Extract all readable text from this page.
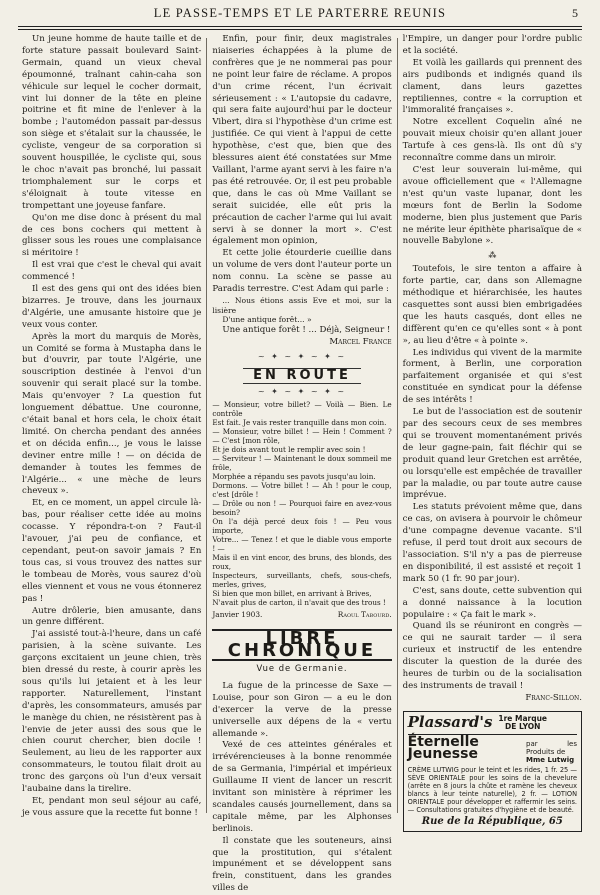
LE PASSE-TEMPS ET LE PARTERRE REUNIS	5

Un jeune homme de haute taille et de forte stature passait boulevard Saint-Germain, quand un vieux cheval époumonné, traînant cahin-caha son véhicule sur lequel le cocher dormait, vint lui donner de la tête en pleine poitrine et fit mine de l'enlever à la bombe ; l'automédon passait par-dessus son siège et s'étalait sur la chaussée, le cycliste, vengeur de sa corporation si souvent houspillée, le cycliste qui, sous le choc n'avait pas bronché, lui passait triomphalement sur le corps et s'éloignait à toute vitesse en trompettant une joyeuse fanfare.

Qu'on me dise donc à présent du mal de ces bons cochers qui mettent à glisser sous les roues une complaisance si méritoire !

Il est vrai que c'est le cheval qui avait commencé !

Il est des gens qui ont des idées bien bizarres. Je trouve, dans les journaux d'Algérie, une amusante histoire que je veux vous conter.

Après la mort du marquis de Morès, un Comité se forma à Mustapha dans le but d'ouvrir, par toute l'Algérie, une souscription destinée à l'envoi d'un souvenir qui serait placé sur la tombe. Mais qu'envoyer ? La question fut longuement débattue. Une couronne, c'était banal et hors cela, le choix était limité. On chercha pendant des années et on décida enfin..., je vous le laisse deviner entre mille ! — on décida de demander à toutes les femmes de l'Algérie... « une mèche de leurs cheveux ».

Et, en ce moment, un appel circule là-bas, pour réaliser cette idée au moins cocasse. Y répondra-t-on ? Faut-il l'avouer, j'ai peu de confiance, et cependant, peut-on savoir jamais ? En tous cas, si vous trouvez des nattes sur le tombeau de Morès, vous saurez d'où elles viennent et vous ne vous étonnerez pas !

Autre drôlerie, bien amusante, dans un genre différent.

J'ai assisté tout-à-l'heure, dans un café parisien, à la scène suivante. Les garçons excitaient un jeune chien, très bien dressé du reste, à courir après les sous qu'ils lui jetaient et à les leur rapporter. Naturellement, l'instant d'après, les consommateurs, amusés par le manège du chien, ne résistèrent pas à l'envie de jeter aussi des sous que le chien courut chercher, bien docile ! Seulement, au lieu de les rapporter aux consommateurs, le toutou filait droit au tronc des garçons où l'un d'eux versait l'aubaine dans la tirelire.

Et, pendant mon seul séjour au café, je vous assure que la recette fut bonne !

Enfin, pour finir, deux magistrales niaiseries échappées à la plume de confrères que je ne nommerai pas pour ne point leur faire de réclame. A propos d'un crime récent, l'un écrivait sérieusement : « L'autopsie du cadavre, qui sera faite aujourd'hui par le docteur Vibert, dira si l'hypothèse d'un crime est justifiée. Ce qui vient à l'appui de cette hypothèse, c'est que, bien que des blessures aient été constatées sur Mme Vaillant, l'arme ayant servi à les faire n'a pas été retrouvée. Or, il est peu probable que, dans le cas où Mme Vaillant se serait suicidée, elle eût pris la précaution de cacher l'arme qui lui avait servi à se donner la mort ». C'est également mon opinion,

Et cette jolie étourderie cueillie dans un volume de vers dont l'auteur porte un nom connu. La scène se passe au Paradis terrestre. C'est Adam qui parle :

... Nous étions assis Eve et moi, sur la lisière

D'une antique forêt... »

Une antique forêt ! ... Déjà, Seigneur !

Marcel France

~ ✦ ~ ✦ ~ ✦ ~
EN ROUTE
~ ✦ ~ ✦ ~ ✦ ~

— Monsieur, votre billet? — Voilà — Bien. Le contrôle

Est fait. Je vais rester tranquille dans mon coin.

— Monsieur, votre billet ! — Hein ! Comment ? — C'est [mon rôle,

Et je dois avant tout le remplir avec soin !

— Serviteur ! — Maintenant le doux sommeil me frôle,

Morphée a répandu ses pavots jusqu'au loin.

Dormons. — Votre billet ! — Ah ! pour le coup, c'est [drôle !

— Drôle ou non ! — Pourquoi faire en avez-vous besoin?

On l'a déjà percé deux fois ! — Peu vous importe,

Votre... — Tenez ! et que le diable vous emporte ! —

Mais il en vint encor, des bruns, des blonds, des roux,

Inspecteurs, surveillants, chefs, sous-chefs, merles, grives,

Si bien que mon billet, en arrivant à Brives,

N'avait plus de carton, il n'avait que des trous !

Janvier 1903.	Raoul Tabourd.
LIBRE CHRONIQUE
Vue de Germanie.

La fugue de la princesse de Saxe — Louise, pour son Giron — a eu le don d'exercer la verve de la presse universelle aux dépens de la « vertu allemande ».

Vexé de ces atteintes générales et irrévérencieuses à la bonne renommée de sa Germania, l'impérial et impérieux Guillaume II vient de lancer un rescrit invitant son ministère à réprimer les scandales causés journellement, dans sa capitale même, par les Alphonses berlinois.

Il constate que les souteneurs, ainsi que la prostitution, qui s'étalent impunément et se développent sans frein, constituent, dans les grandes villes de

l'Empire, un danger pour l'ordre public et la société.

Et voilà les gaillards qui prennent des airs pudibonds et indignés quand ils clament, dans leurs gazettes reptiliennes, contre « la corruption et l'immoralité françaises ».

Notre excellent Coquelin aîné ne pouvait mieux choisir qu'en allant jouer Tartufe à ces gens-là. Ils ont dû s'y reconnaître comme dans un miroir.

C'est leur souverain lui-même, qui avoue officiellement que « l'Allemagne n'est qu'un vaste lupanar, dont les mœurs font de Berlin la Sodome moderne, bien plus justement que Paris ne mérite leur épithète pharisaïque de « nouvelle Babylone ».

⁂

Toutefois, le sire tenton a affaire à forte partie, car, dans son Allemagne méthodique et hiérarchisée, les hautes casquettes sont aussi bien embrigadées que les hauts casqués, dont elles ne diffèrent qu'en ce qu'elles sont « à pont », au lieu d'être « à pointe ».

Les individus qui vivent de la marmite forment, à Berlin, une corporation parfaitement organisée et qui s'est constituée en syndicat pour la défense de ses intérêts !

Le but de l'association est de soutenir par des secours ceux de ses membres qui se trouvent momentanément privés de leur gagne-pain, fait fléchir qui se produit quand leur Gretchen est arrêtée, ou lorsqu'elle est empêchée de travailler par la maladie, ou par toute autre cause imprévue.

Les statuts prévoient même que, dans ce cas, on avisera à pourvoir le chômeur d'une compagne devenue vacante. S'il refuse, il perd tout droit aux secours de l'association. S'il n'y a pas de pierreuse en disponibilité, il est assisté et reçoit 1 mark 50 (1 fr. 90 par jour).

C'est, sans doute, cette subvention qui a donné naissance à la locution populaire : « Ça fait le mark ».

Quand ils se réuniront en congrès — ce qui ne saurait tarder — il sera curieux et instructif de les entendre discuter la question de la durée des heures de turbin ou de la socialisation des instruments de travail !

Franc-Sillon.

Plassard's 1re Marque
DE LYON
Éternelle Jeunesse
par les Produits de
Mme Lutwig
CRÈME LUTWIG pour le teint et les rides, 1 fr. 25 — SÈVE ORIENTALE pour les soins de la chevelure (arrête en 8 jours la chûte et ramène les cheveux blancs à leur teinte naturelle), 2 fr. — LOTION ORIENTALE pour développer et raffermir les seins. — Consultations gratuites d'hygiène et de beauté.
Rue de la République, 65
